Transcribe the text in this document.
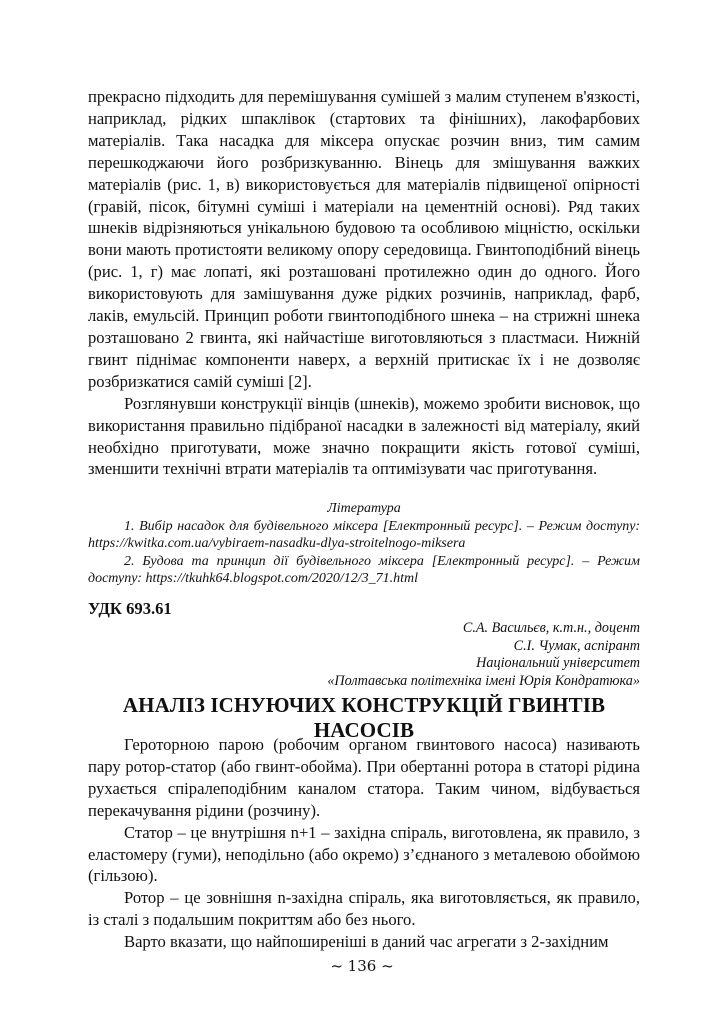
прекрасно підходить для перемішування сумішей з малим ступенем в'язкості, наприклад, рідких шпаклівок (стартових та фінішних), лакофарбових матеріалів. Така насадка для міксера опускає розчин вниз, тим самим перешкоджаючи його розбризкуванню. Вінець для змішування важких матеріалів (рис. 1, в) використовується для матеріалів підвищеної опірності (гравій, пісок, бітумні суміші і матеріали на цементній основі). Ряд таких шнеків відрізняються унікальною будовою та особливою міцністю, оскільки вони мають протистояти великому опору середовища. Гвинтоподібний вінець (рис. 1, г) має лопаті, які розташовані протилежно один до одного. Його використовують для замішування дуже рідких розчинів, наприклад, фарб, лаків, емульсій. Принцип роботи гвинтоподібного шнека – на стрижні шнека розташовано 2 гвинта, які найчастіше виготовляються з пластмаси. Нижній гвинт піднімає компоненти наверх, а верхній притискає їх і не дозволяє розбризкатися самій суміші [2].

Розглянувши конструкції вінців (шнеків), можемо зробити висновок, що використання правильно підібраної насадки в залежності від матеріалу, який необхідно приготувати, може значно покращити якість готової суміші, зменшити технічні втрати матеріалів та оптимізувати час приготування.

Література
1. Вибір насадок для будівельного міксера [Електронный ресурс]. – Режим доступу: https://kwitka.com.ua/vybiraem-nasadku-dlya-stroitelnogo-miksera
2. Будова та принцип дії будівельного міксера [Електронный ресурс]. – Режим доступу: https://tkuhk64.blogspot.com/2020/12/3_71.html
УДК 693.61
С.А. Васильєв, к.т.н., доцент
С.І. Чумак, аспірант
Національний університет
«Полтавська політехніка імені Юрія Кондратюка»
АНАЛІЗ ІСНУЮЧИХ КОНСТРУКЦІЙ ГВИНТІВ НАСОСІВ

Героторною парою (робочим органом гвинтового насоса) називають пару ротор-статор (або гвинт-обойма). При обертанні ротора в статорі рідина рухається спіралеподібним каналом статора. Таким чином, відбувається перекачування рідини (розчину).

Статор – це внутрішня n+1 – західна спіраль, виготовлена, як правило, з еластомеру (гуми), неподільно (або окремо) з’єднаного з металевою обоймою (гільзою).

Ротор – це зовнішня n-західна спіраль, яка виготовляється, як правило, із сталі з подальшим покриттям або без нього.

Варто вказати, що найпоширеніші в даний час агрегати з 2-західним

~ 136 ~
